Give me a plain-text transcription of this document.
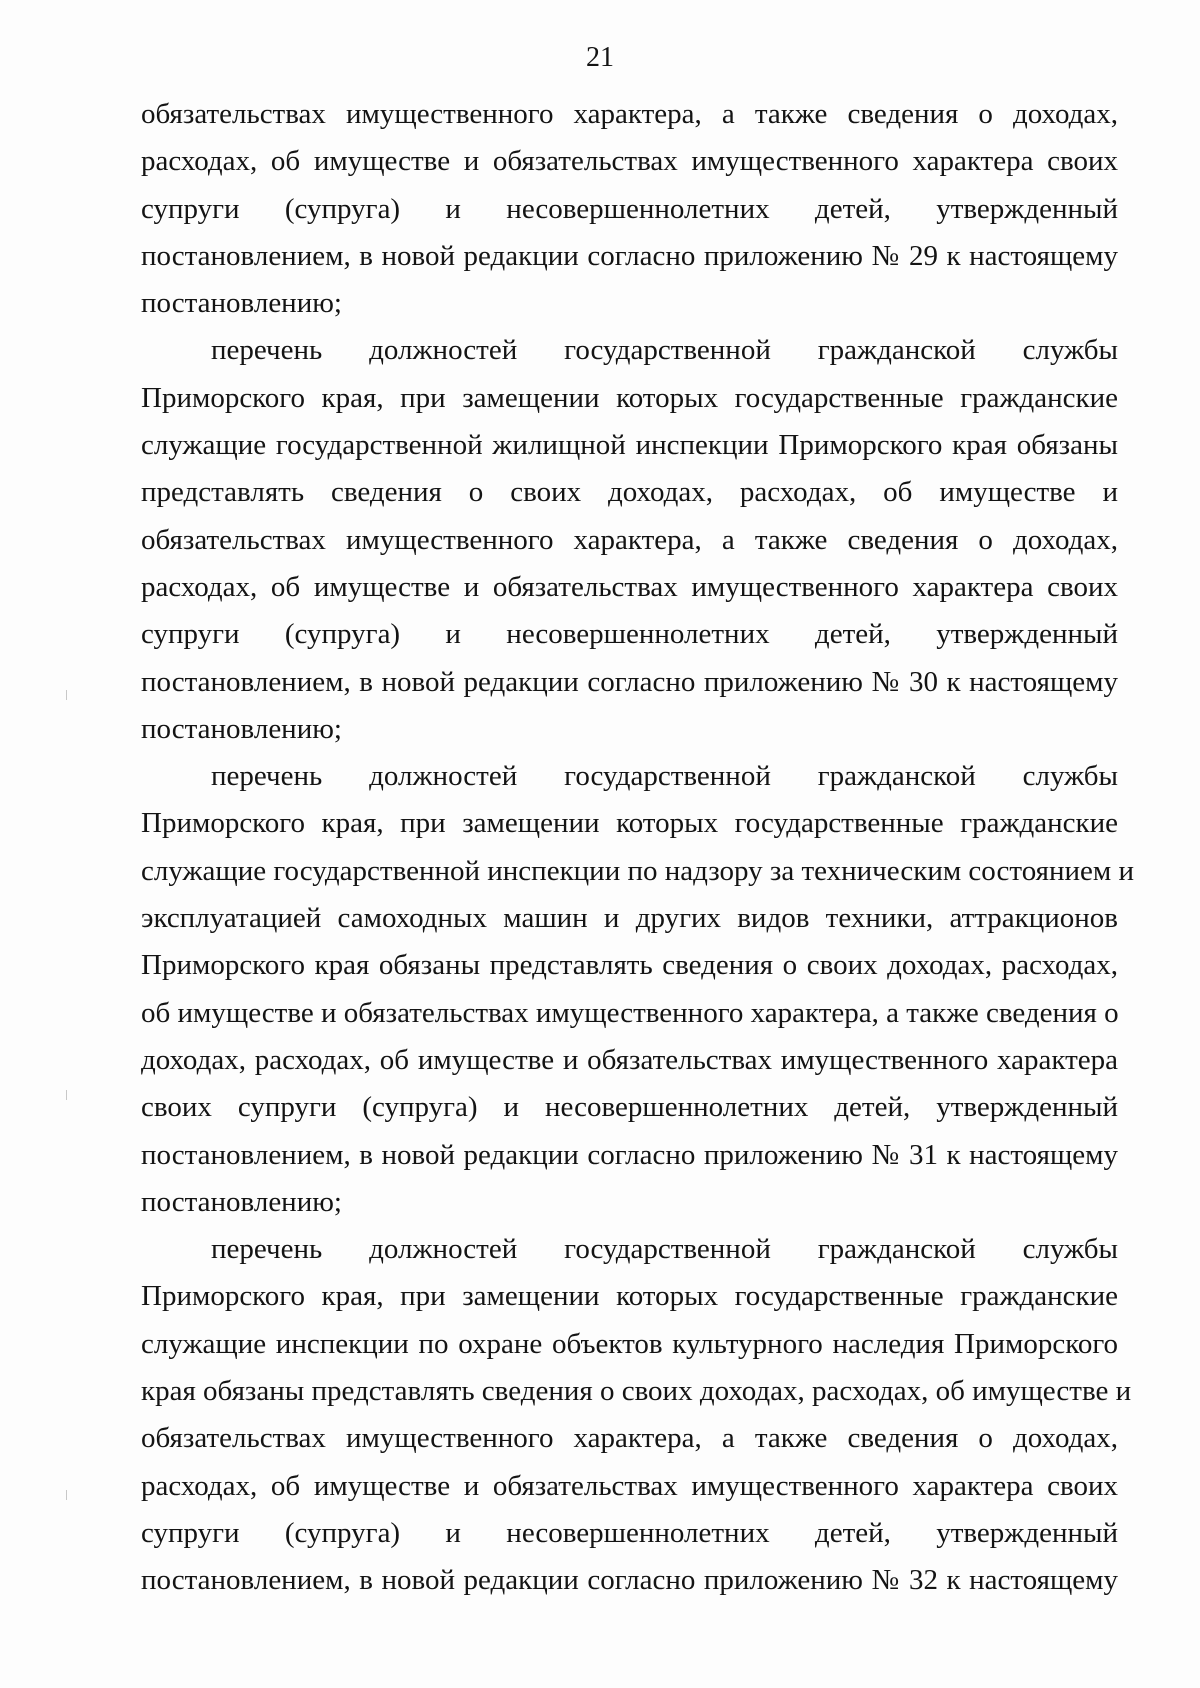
21

обязательствах имущественного характера, а также сведения о доходах,
расходах, об имуществе и обязательствах имущественного характера своих
супруги (супруга) и несовершеннолетних детей, утвержденный
постановлением, в новой редакции согласно приложению № 29 к настоящему
постановлению;

перечень должностей государственной гражданской службы
Приморского края, при замещении которых государственные гражданские
служащие государственной жилищной инспекции Приморского края обязаны
представлять сведения о своих доходах, расходах, об имуществе и
обязательствах имущественного характера, а также сведения о доходах,
расходах, об имуществе и обязательствах имущественного характера своих
супруги (супруга) и несовершеннолетних детей, утвержденный
постановлением, в новой редакции согласно приложению № 30 к настоящему
постановлению;

перечень должностей государственной гражданской службы
Приморского края, при замещении которых государственные гражданские
служащие государственной инспекции по надзору за техническим состоянием и
эксплуатацией самоходных машин и других видов техники, аттракционов
Приморского края обязаны представлять сведения о своих доходах, расходах,
об имуществе и обязательствах имущественного характера, а также сведения о
доходах, расходах, об имуществе и обязательствах имущественного характера
своих супруги (супруга) и несовершеннолетних детей, утвержденный
постановлением, в новой редакции согласно приложению № 31 к настоящему
постановлению;

перечень должностей государственной гражданской службы
Приморского края, при замещении которых государственные гражданские
служащие инспекции по охране объектов культурного наследия Приморского
края обязаны представлять сведения о своих доходах, расходах, об имуществе и
обязательствах имущественного характера, а также сведения о доходах,
расходах, об имуществе и обязательствах имущественного характера своих
супруги (супруга) и несовершеннолетних детей, утвержденный
постановлением, в новой редакции согласно приложению № 32 к настоящему
